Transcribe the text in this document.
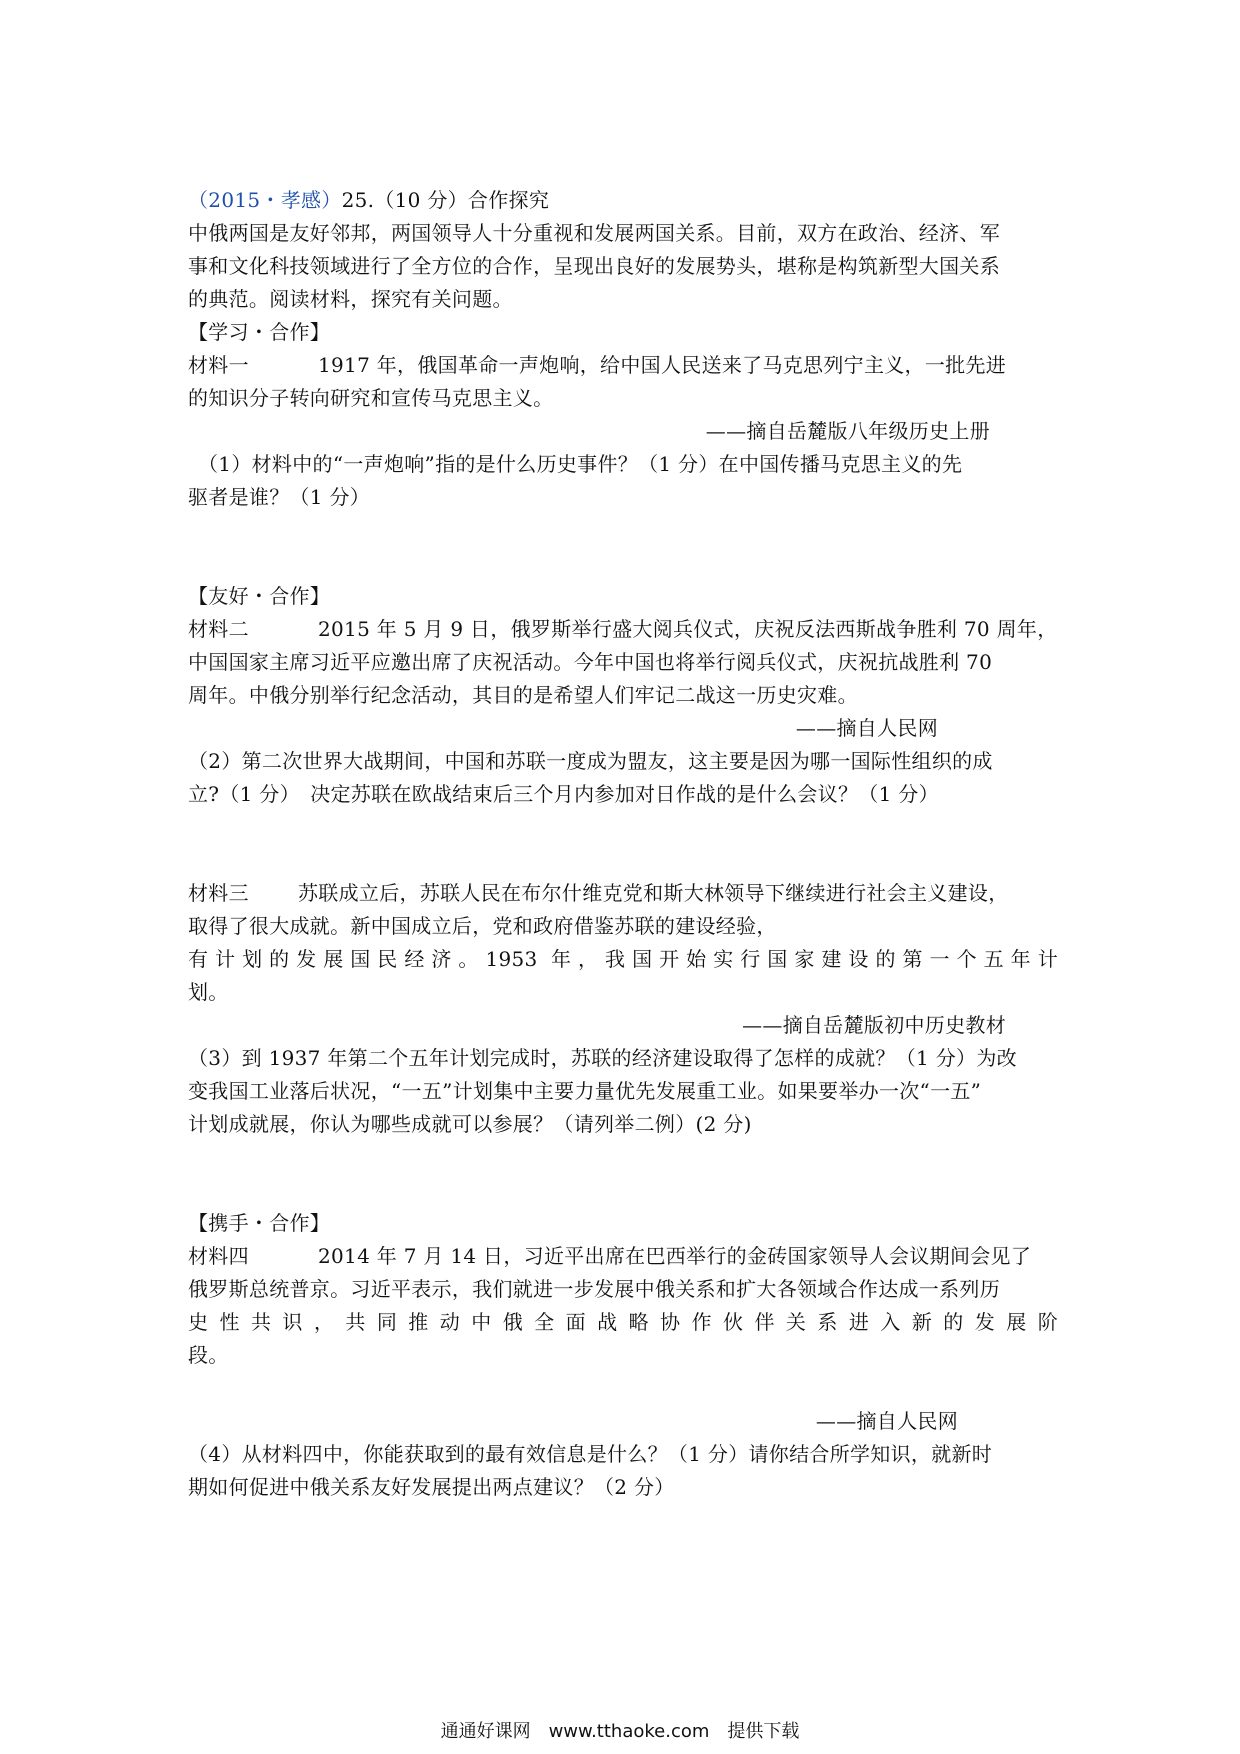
（2015・孝感）25.（10 分）合作探究
中俄两国是友好邻邦，两国领导人十分重视和发展两国关系。目前，双方在政治、经济、军
事和文化科技领域进行了全方位的合作，呈现出良好的发展势头，堪称是构筑新型大国关系
的典范。阅读材料，探究有关问题。
【学习・合作】
材料一	1917 年，俄国革命一声炮响，给中国人民送来了马克思列宁主义，一批先进
的知识分子转向研究和宣传马克思主义。
——摘自岳麓版八年级历史上册
（1）材料中的“一声炮响”指的是什么历史事件？（1 分）在中国传播马克思主义的先
驱者是谁？（1 分）
【友好・合作】
材料二	2015 年 5 月 9 日，俄罗斯举行盛大阅兵仪式，庆祝反法西斯战争胜利 70 周年，
中国国家主席习近平应邀出席了庆祝活动。今年中国也将举行阅兵仪式，庆祝抗战胜利 70
周年。中俄分别举行纪念活动，其目的是希望人们牢记二战这一历史灾难。
——摘自人民网
（2）第二次世界大战期间，中国和苏联一度成为盟友，这主要是因为哪一国际性组织的成
立?（1 分）　决定苏联在欧战结束后三个月内参加对日作战的是什么会议？（1 分）
材料三 苏联成立后，苏联人民在布尔什维克党和斯大林领导下继续进行社会主义建设，
取得了很大成就。新中国成立后，党和政府借鉴苏联的建设经验，
有计划的发展国民经济。1953 年，我国开始实行国家建设的第一个五年计
划。
——摘自岳麓版初中历史教材
（3）到 1937 年第二个五年计划完成时，苏联的经济建设取得了怎样的成就？（1 分）为改
变我国工业落后状况，“一五”计划集中主要力量优先发展重工业。如果要举办一次“一五”
计划成就展，你认为哪些成就可以参展？（请列举二例）(2 分)
【携手・合作】
材料四	2014 年 7 月 14 日，习近平出席在巴西举行的金砖国家领导人会议期间会见了
俄罗斯总统普京。习近平表示，我们就进一步发展中俄关系和扩大各领域合作达成一系列历
史性共识，共同推动中俄全面战略协作伙伴关系进入新的发展阶
段。
——摘自人民网
（4）从材料四中，你能获取到的最有效信息是什么？（1 分）请你结合所学知识，就新时
期如何促进中俄关系友好发展提出两点建议？（2 分）
通通好课网　www.tthaoke.com　提供下载
